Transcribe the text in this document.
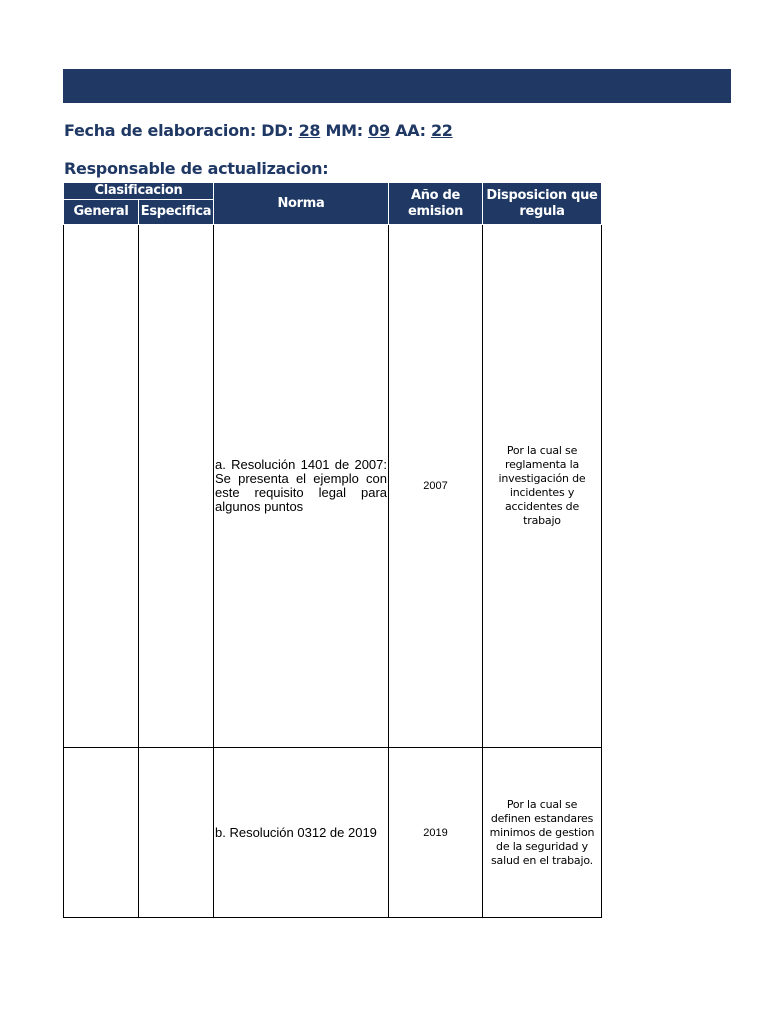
Fecha de elaboracion: DD: 28 MM: 09 AA: 22
Responsable de actualizacion:
Clasificacion		Norma	Año de emision	Disposicion que regula
General	Especifica			
		a. Resolución 1401 de 2007: Se presenta el ejemplo con este requisito legal para algunos puntos	2007	Por la cual se reglamenta la investigación de incidentes y accidentes de trabajo
		b. Resolución 0312 de 2019	2019	Por la cual se definen estandares minimos de gestion de la seguridad y salud en el trabajo.
